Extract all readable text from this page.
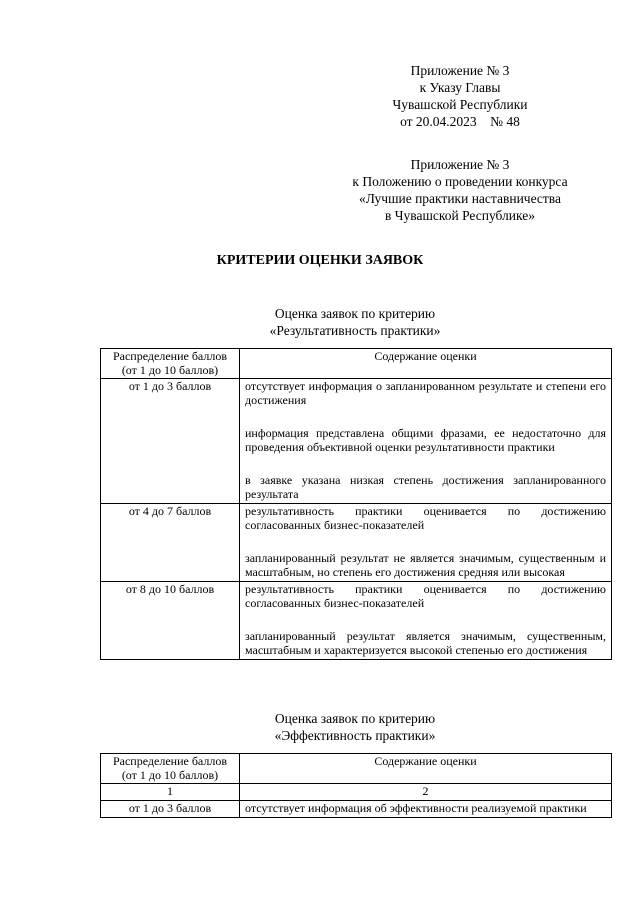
Приложение № 3
к Указу Главы
Чувашской Республики
от 20.04.2023    № 48
Приложение № 3
к Положению о проведении конкурса
«Лучшие практики наставничества
в Чувашской Республике»
КРИТЕРИИ ОЦЕНКИ ЗАЯВОК
Оценка заявок по критерию
«Результативность практики»
Распределение баллов (от 1 до 10 баллов)	Содержание оценки
от 1 до 3 баллов	отсутствует информация о запланированном результате и степени его достижения

информация представлена общими фразами, ее недостаточно для проведения объективной оценки результативности практики

в заявке указана низкая степень достижения запланированного результата

от 4 до 7 баллов	результативность практики оценивается по достижению согласованных бизнес-показателей

запланированный результат не является значимым, существенным и масштабным, но степень его достижения средняя или высокая

от 8 до 10 баллов	результативность практики оценивается по достижению согласованных бизнес-показателей

запланированный результат является значимым, существенным, масштабным и характеризуется высокой степенью его достижения

Оценка заявок по критерию
«Эффективность практики»
Распределение баллов (от 1 до 10 баллов)	Содержание оценки
1	2
от 1 до 3 баллов	отсутствует информация об эффективности реализуемой практики
